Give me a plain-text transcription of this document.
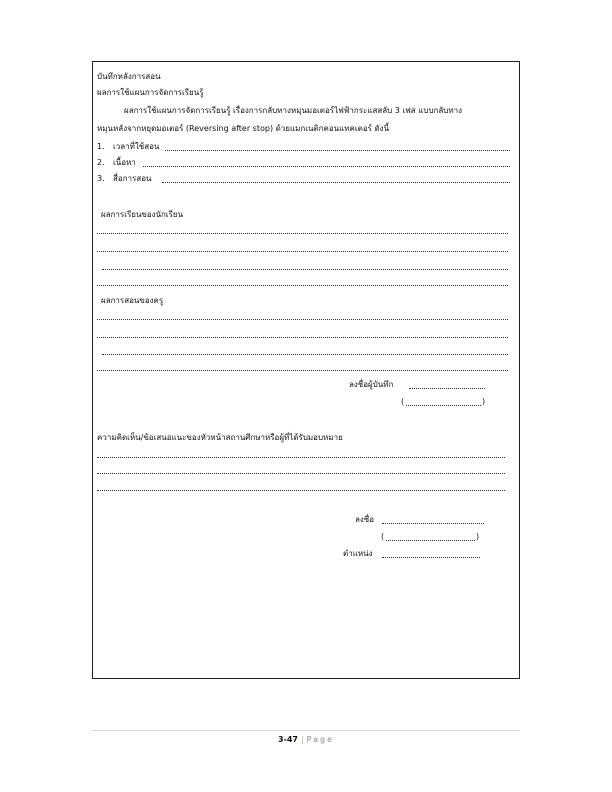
บันทึกหลังการสอน
ผลการใช้แผนการจัดการเรียนรู้
ผลการใช้แผนการจัดการเรียนรู้ เรื่องการกลับทางหมุนมอเตอร์ไฟฟ้ากระแสสลับ 3 เฟส แบบกลับทาง
หมุนหลังจากหยุดมอเตอร์ (Reversing after stop) ด้วยแมกเนติกคอนแทคเตอร์ ดังนี้
1. เวลาที่ใช้สอน
2. เนื้อหา
3. สื่อการสอน
ผลการเรียนของนักเรียน
ผลการสอนของครู
ลงชื่อผู้บันทึก
(	)
ความคิดเห็น/ข้อเสนอแนะของหัวหน้าสถานศึกษาหรือผู้ที่ได้รับมอบหมาย
ลงชื่อ
(	)
ตำแหน่ง
3-47 | Page
